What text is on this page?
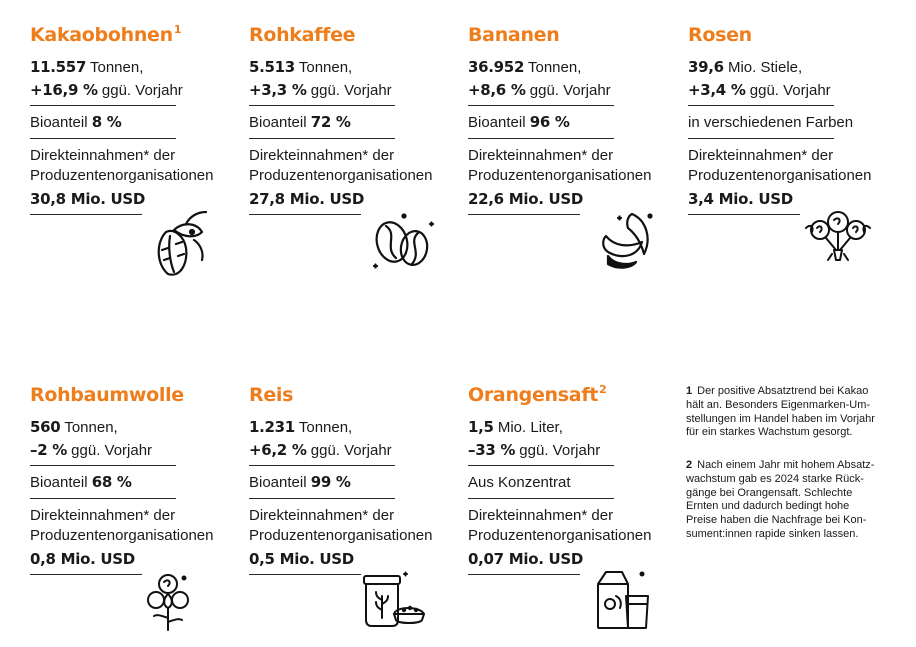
Kakaobohnen$^1$
11.557 Tonnen,
+16,9 % ggü. Vorjahr
Bioanteil 8 %
Direkteinnahmen* der
Produzentenorganisationen
30,8 Mio. USD
Rohkaffee
5.513 Tonnen,
+3,3 % ggü. Vorjahr
Bioanteil 72 %
Direkteinnahmen* der
Produzentenorganisationen
27,8 Mio. USD
Bananen
36.952 Tonnen,
+8,6 % ggü. Vorjahr
Bioanteil 96 %
Direkteinnahmen* der
Produzentenorganisationen
22,6 Mio. USD
Rosen
39,6 Mio. Stiele,
+3,4 % ggü. Vorjahr
in verschiedenen Farben
Direkteinnahmen* der
Produzentenorganisationen
3,4 Mio. USD
Rohbaumwolle
560 Tonnen,
–2 % ggü. Vorjahr
Bioanteil 68 %
Direkteinnahmen* der
Produzentenorganisationen
0,8 Mio. USD
Reis
1.231 Tonnen,
+6,2 % ggü. Vorjahr
Bioanteil 99 %
Direkteinnahmen* der
Produzentenorganisationen
0,5 Mio. USD
Orangensaft$^2$
1,5 Mio. Liter,
–33 % ggü. Vorjahr
Aus Konzentrat
Direkteinnahmen* der
Produzentenorganisationen
0,07 Mio. USD
1 Der positive Absatztrend bei Kakao
hält an. Besonders Eigenmarken-Um-
stellungen im Handel haben im Vorjahr
für ein starkes Wachstum gesorgt.
2 Nach einem Jahr mit hohem Absatz-
wachstum gab es 2024 starke Rück-
gänge bei Orangensaft. Schlechte
Ernten und dadurch bedingt hohe
Preise haben die Nachfrage bei Kon-
sument:innen rapide sinken lassen.
